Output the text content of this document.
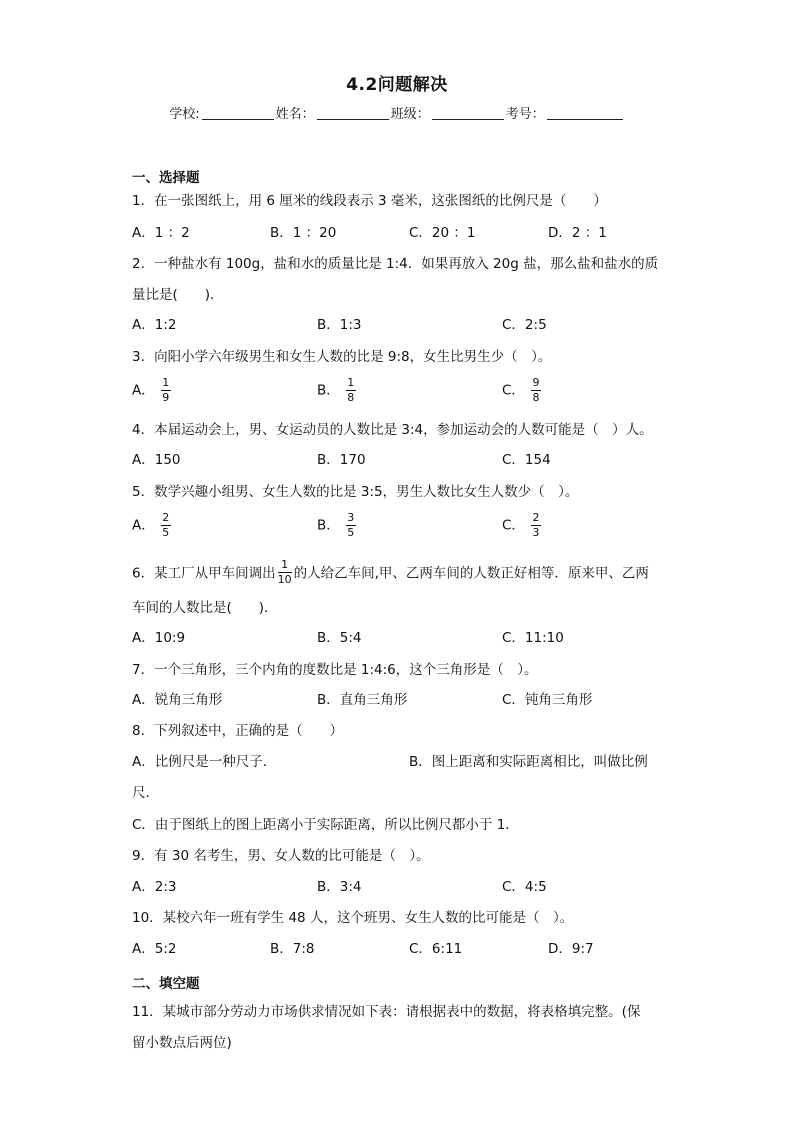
4.2问题解决
学校:	姓名：	班级：	考号：
一、选择题
1．在一张图纸上，用 6 厘米的线段表示 3 毫米，这张图纸的比例尺是（　　）
A．1 ：2	B．1 ：20	C．20 ：1	D．2 ：1
2．一种盐水有 100g，盐和水的质量比是 1:4．如果再放入 20g 盐，那么盐和盐水的质
量比是(　　)．
A．1:2	B．1:3	C．2:5
3．向阳小学六年级男生和女生人数的比是 9:8，女生比男生少（　）。
A． $\frac{1}{9}$	B． $\frac{1}{8}$	C． $\frac{9}{8}$
4．本届运动会上，男、女运动员的人数比是 3:4，参加运动会的人数可能是（　）人。
A．150	B．170	C．154
5．数学兴趣小组男、女生人数的比是 3:5，男生人数比女生人数少（　）。
A． $\frac{2}{5}$	B． $\frac{3}{5}$	C． $\frac{2}{3}$
6．某工厂从甲车间调出 $\frac{1}{10}$ 的人给乙车间,甲、乙两车间的人数正好相等．原来甲、乙两
车间的人数比是(　　)．
A．10:9	B．5:4	C．11:10
7．一个三角形，三个内角的度数比是 1:4:6，这个三角形是（　）。
A．锐角三角形	B．直角三角形	C．钝角三角形
8．下列叙述中，正确的是（　　）
A．比例尺是一种尺子．	B．图上距离和实际距离相比，叫做比例
尺．
C．由于图纸上的图上距离小于实际距离，所以比例尺都小于 1．
9．有 30 名考生，男、女人数的比可能是（　）。
A．2:3	B．3:4	C．4:5
10．某校六年一班有学生 48 人，这个班男、女生人数的比可能是（　）。
A．5:2	B．7:8	C．6:11	D．9:7
二、填空题
11．某城市部分劳动力市场供求情况如下表：请根据表中的数据，将表格填完整。(保
留小数点后两位)
